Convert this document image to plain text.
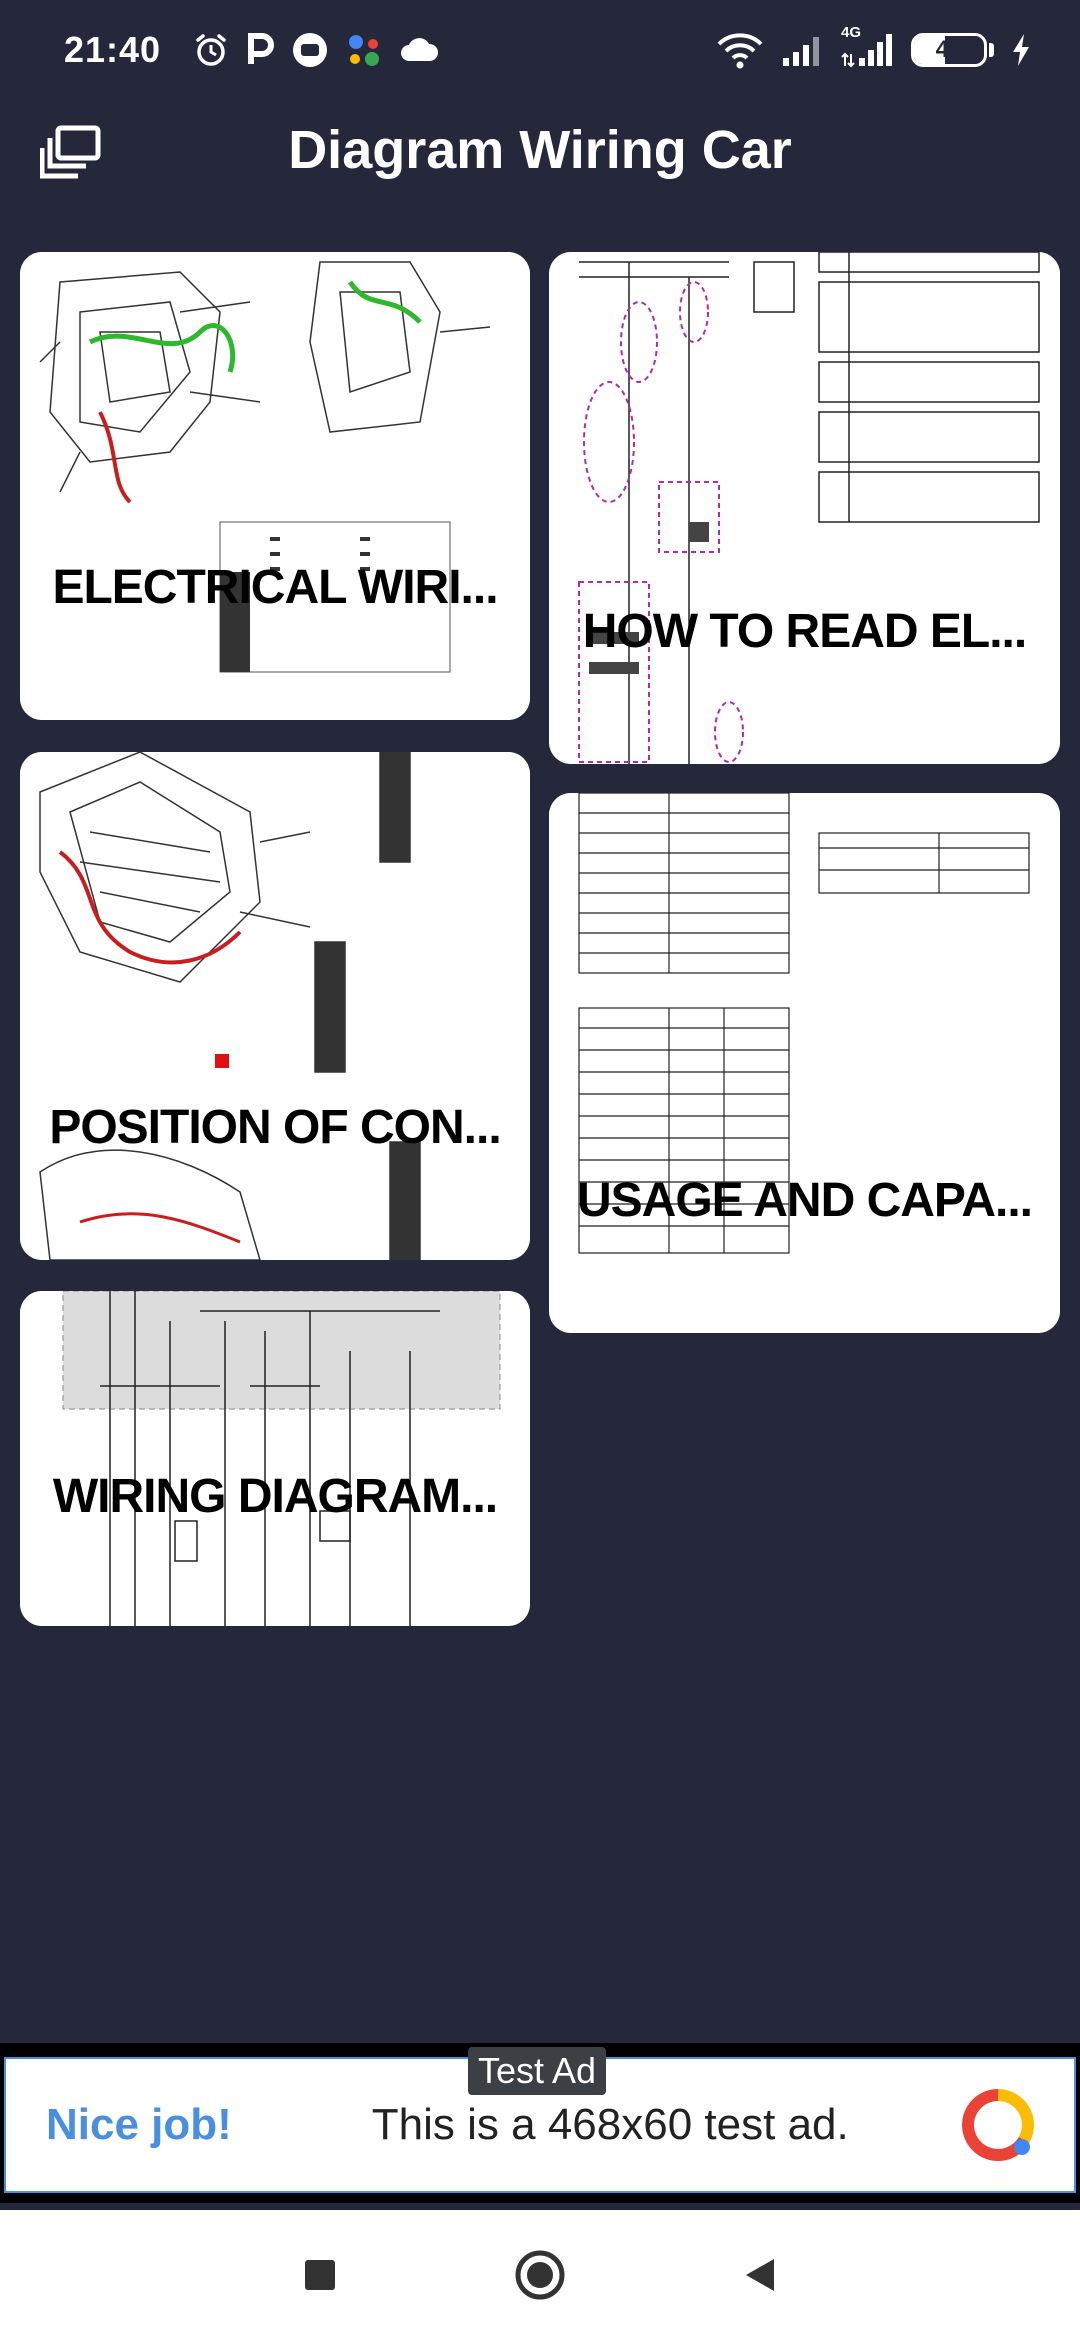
21:40	4G
44
Diagram Wiring Car
ELECTRICAL WIRI...
HOW TO READ EL...
POSITION OF CON...
USAGE AND CAPA...
WIRING DIAGRAM...
Nice job!	This is a 468x60 test ad.
Test Ad
